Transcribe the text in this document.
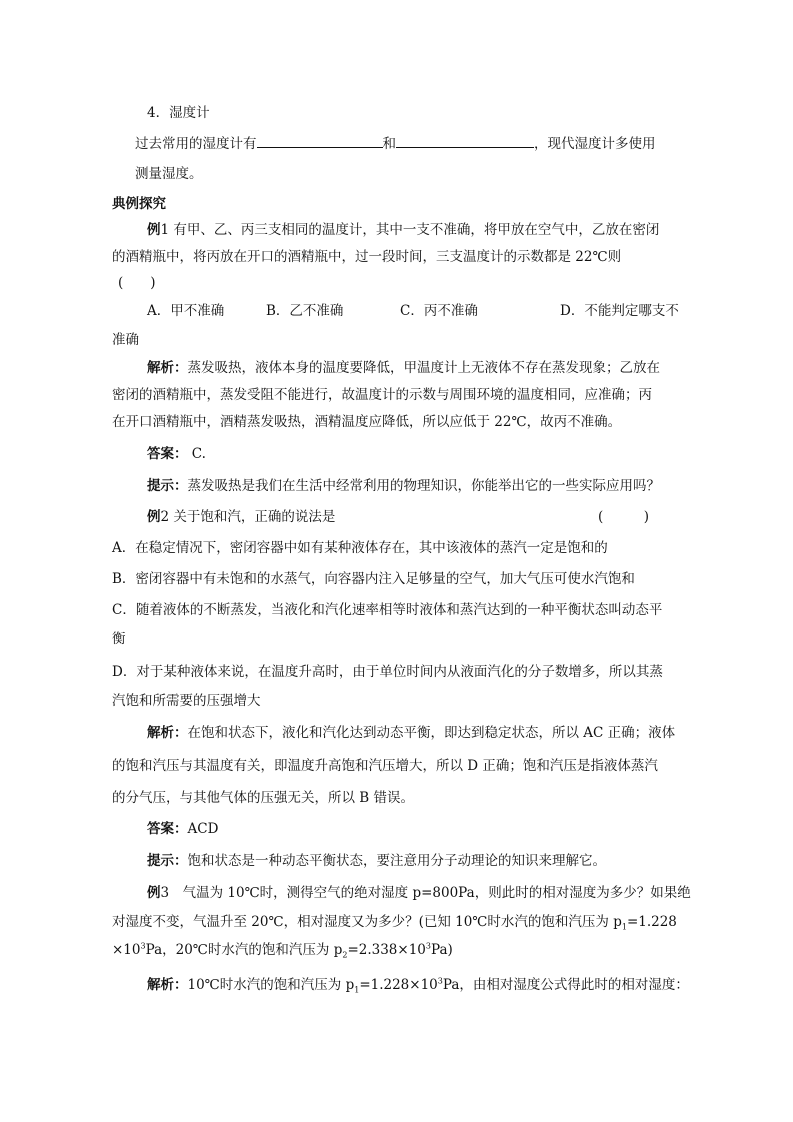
4．湿度计
过去常用的湿度计有	和	，现代湿度计多使用
测量湿度。
典例探究
例1 有甲、乙、丙三支相同的温度计，其中一支不准确，将甲放在空气中，乙放在密闭
的酒精瓶中，将丙放在开口的酒精瓶中，过一段时间，三支温度计的示数都是 22℃则
(　　)
A．甲不准确	B．乙不准确	C．丙不准确	D．不能判定哪支不
准确
解析：蒸发吸热，液体本身的温度要降低，甲温度计上无液体不存在蒸发现象；乙放在
密闭的酒精瓶中，蒸发受阻不能进行，故温度计的示数与周围环境的温度相同，应准确；丙
在开口酒精瓶中，酒精蒸发吸热，酒精温度应降低，所以应低于 22℃，故丙不准确。
答案： C.
提示：蒸发吸热是我们在生活中经常利用的物理知识，你能举出它的一些实际应用吗？
例2 关于饱和汽，正确的说法是	(　　　)
A．在稳定情况下，密闭容器中如有某种液体存在，其中该液体的蒸汽一定是饱和的
B．密闭容器中有未饱和的水蒸气，向容器内注入足够量的空气，加大气压可使水汽饱和
C．随着液体的不断蒸发，当液化和汽化速率相等时液体和蒸汽达到的一种平衡状态叫动态平
衡
D．对于某种液体来说，在温度升高时，由于单位时间内从液面汽化的分子数增多，所以其蒸
汽饱和所需要的压强增大
解析：在饱和状态下，液化和汽化达到动态平衡，即达到稳定状态，所以 AC 正确；液体
的饱和汽压与其温度有关，即温度升高饱和汽压增大，所以 D 正确；饱和汽压是指液体蒸汽
的分气压，与其他气体的压强无关，所以 B 错误。
答案：ACD
提示：饱和状态是一种动态平衡状态，要注意用分子动理论的知识来理解它。
例3　气温为 10℃时，测得空气的绝对湿度 p=800Pa，则此时的相对湿度为多少？如果绝
对湿度不变，气温升至 20℃，相对湿度又为多少？(已知 10℃时水汽的饱和汽压为 $p_1=1.228$
$\times 10^3Pa$，20℃时水汽的饱和汽压为 $p_2=2.338\times 10^3Pa$)
解析：10℃时水汽的饱和汽压为 $p_1=1.228\times 10^3Pa$，由相对湿度公式得此时的相对湿度：
